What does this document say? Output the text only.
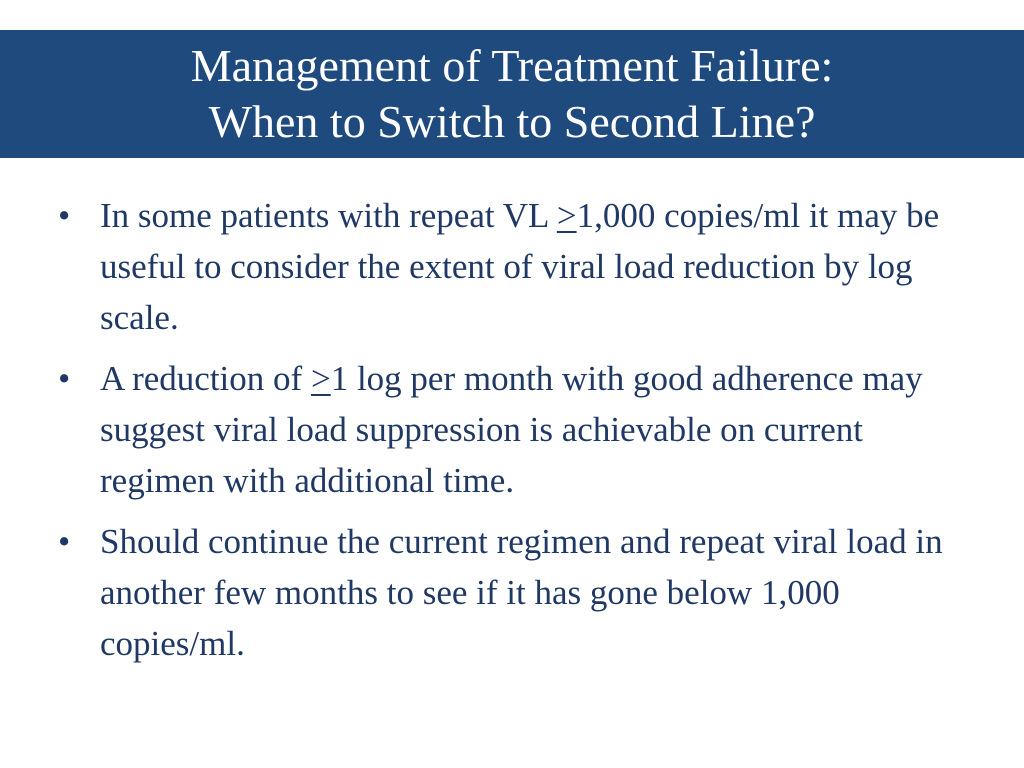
Management of Treatment Failure:
When to Switch to Second Line?
• In some patients with repeat VL ≥1,000 copies/ml it may be useful to consider the extent of viral load reduction by log scale.
• A reduction of ≥1 log per month with good adherence may suggest viral load suppression is achievable on current regimen with additional time.
• Should continue the current regimen and repeat viral load in another few months to see if it has gone below 1,000 copies/ml.
